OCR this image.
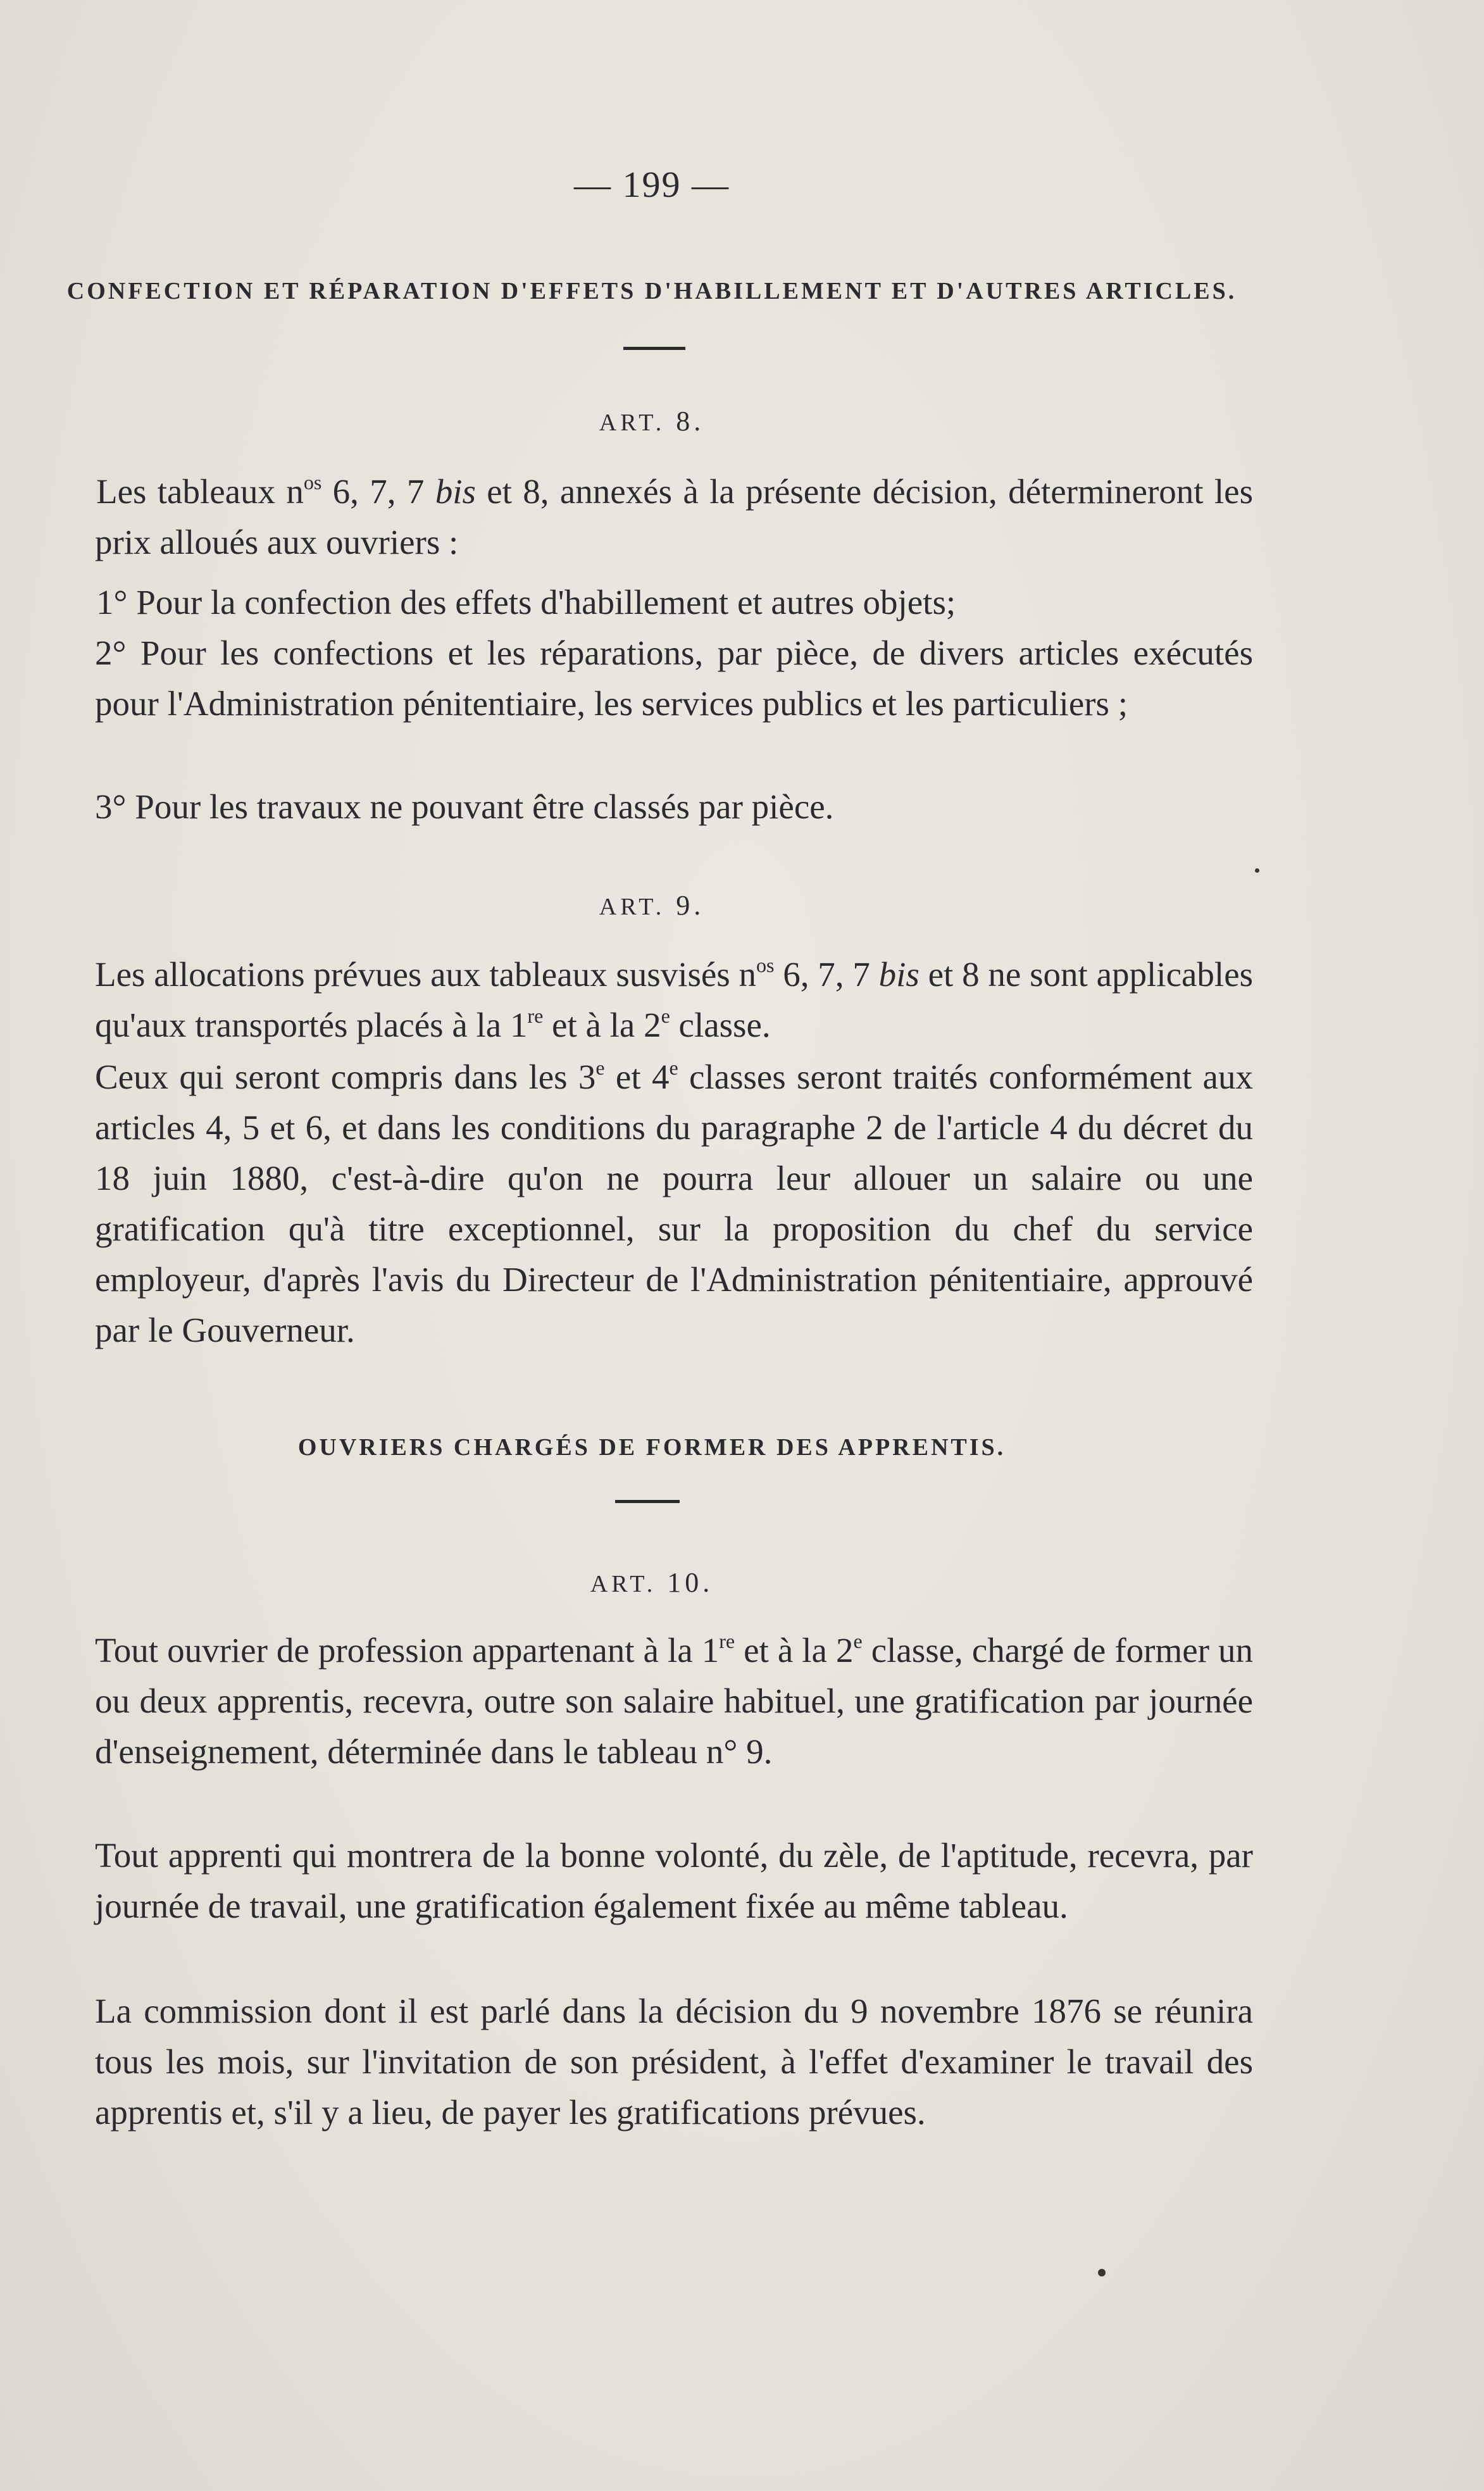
— 199 —
CONFECTION ET RÉPARATION D'EFFETS D'HABILLEMENT ET D'AUTRES ARTICLES.
ART. 8.
Les tableaux $n^{os}$ 6, 7, 7 bis et 8, annexés à la présente décision, détermineront les prix alloués aux ouvriers :
1° Pour la confection des effets d'habillement et autres objets;
2° Pour les confections et les réparations, par pièce, de divers articles exécutés pour l'Administration pénitentiaire, les services publics et les particuliers ;
3° Pour les travaux ne pouvant être classés par pièce.
ART. 9.
Les allocations prévues aux tableaux susvisés $n^{os}$ 6, 7, 7 bis et 8 ne sont applicables qu'aux transportés placés à la 1re et à la 2e classe.
Ceux qui seront compris dans les 3e et 4e classes seront traités conformément aux articles 4, 5 et 6, et dans les conditions du paragraphe 2 de l'article 4 du décret du 18 juin 1880, c'est-à-dire qu'on ne pourra leur allouer un salaire ou une gratification qu'à titre exceptionnel, sur la proposition du chef du service employeur, d'après l'avis du Directeur de l'Administration pénitentiaire, approuvé par le Gouverneur.
OUVRIERS CHARGÉS DE FORMER DES APPRENTIS.
ART. 10.
Tout ouvrier de profession appartenant à la 1re et à la 2e classe, chargé de former un ou deux apprentis, recevra, outre son salaire habituel, une gratification par journée d'enseignement, déterminée dans le tableau n° 9.
Tout apprenti qui montrera de la bonne volonté, du zèle, de l'aptitude, recevra, par journée de travail, une gratification également fixée au même tableau.
La commission dont il est parlé dans la décision du 9 novembre 1876 se réunira tous les mois, sur l'invitation de son président, à l'effet d'examiner le travail des apprentis et, s'il y a lieu, de payer les gratifications prévues.
